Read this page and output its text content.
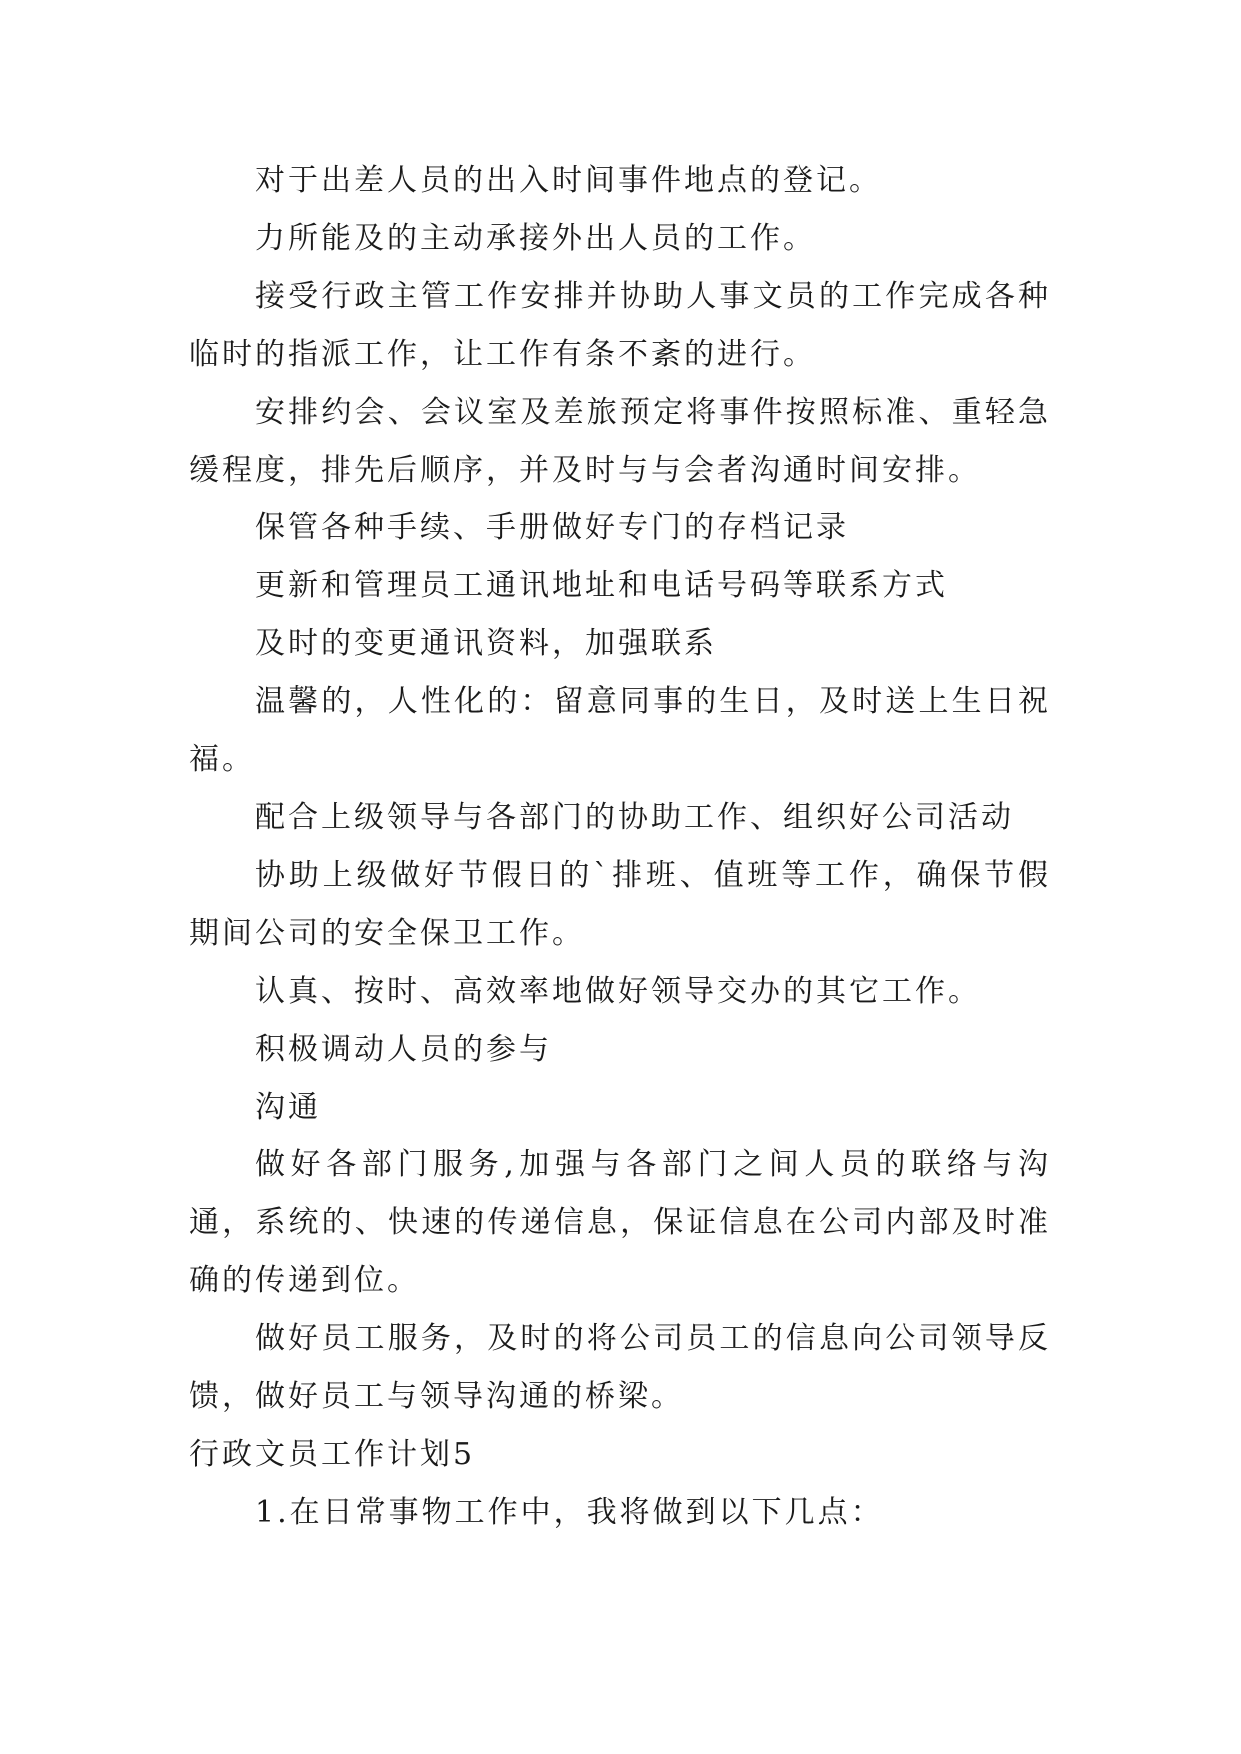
对于出差人员的出入时间事件地点的登记。

力所能及的主动承接外出人员的工作。

接受行政主管工作安排并协助人事文员的工作完成各种临时的指派工作，让工作有条不紊的进行。

安排约会、会议室及差旅预定将事件按照标准、重轻急缓程度，排先后顺序，并及时与与会者沟通时间安排。

保管各种手续、手册做好专门的存档记录

更新和管理员工通讯地址和电话号码等联系方式

及时的变更通讯资料，加强联系

温馨的，人性化的：留意同事的生日，及时送上生日祝福。

配合上级领导与各部门的协助工作、组织好公司活动

协助上级做好节假日的`排班、值班等工作，确保节假期间公司的安全保卫工作。

认真、按时、高效率地做好领导交办的其它工作。

积极调动人员的参与

沟通

做好各部门服务,加强与各部门之间人员的联络与沟通，系统的、快速的传递信息，保证信息在公司内部及时准确的传递到位。

做好员工服务，及时的将公司员工的信息向公司领导反馈，做好员工与领导沟通的桥梁。

行政文员工作计划5

1.在日常事物工作中，我将做到以下几点：
